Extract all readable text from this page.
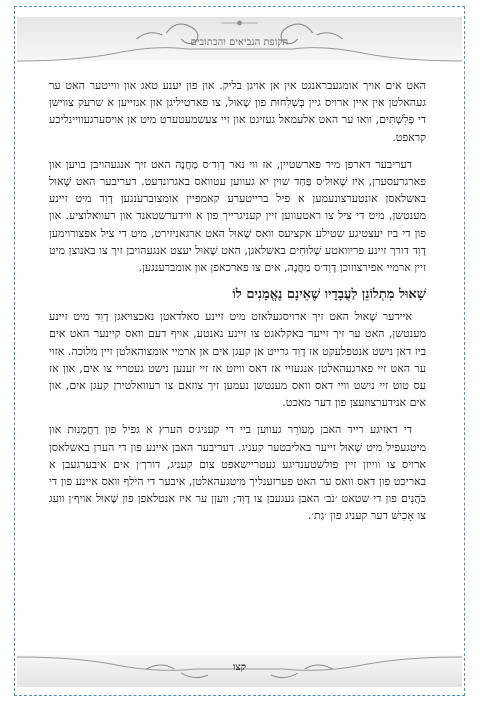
הקופת הנביאים והכתובים

האט אים אויך אומגעבראנגט אין אן אויגן בליק. און פון יענע טאג און ווייטער האט ער געהאלטן אין איין ארויס גיין בְּשְׁלִחוּת פון שָׁאוּל, צו פארטיליגן און אנזייען א שרעק צווישן די פְּלִשְׁתִּים, וואו ער האט אלעמאל געזיגט און זיי צעשמעטערט מיט אן אויסערגעוויינליכע קראפט.

דעריבער דארפן מיר פארשטיין, אז ווי נאר דָוִד׳ס מַחֲנֶה האט זיך אנגעהויבן בויען און פארגרעסערן, איז שָׁאוּל׳ס פַּחַד שוין יא געווען עטוואס באגרונדעט. דעריבער האט שָׁאוּל באשלאסן אונטערצונעמען א פיל ברייטערע קאמפיין אומצוברענגען דָוִד מיט זיינע מענטשן, מיט די ציל צו ראטעווען זיין קעניגרייך פון א ווידערשטאנד און רעוואלוציע. און פון די ביז יעצטיגע שטילע אקציעס וואס שָׁאוּל האט ארגאניזירט, מיט די ציל אפצורוימען דָוִד דורך זיינע פריוואטע שְׁלוּחִים באשלאגן, האט שָׁאוּל יעצט אנגעהויבן זיך צו באנוצן מיט זיין ארמיי אפירצוזוכן דָוִד׳ס מַחֲנֶה, אים צו פארכאפן און אומברענגען.

שָׁאוּל מִתְלוֹנֵן לַעֲבָדָיו שֶׁאֵינָם נֶאֱמָנִים לוֹ

איידער שָׁאוּל האט זיך ארויסגעלאזט מיט זיינע סאלדאטן נאכצויאגן דָוִד מיט זיינע מענטשן, האט ער זיך זייער באקלאגט צו זיינע נאנטע, אויף דעם וואס קיינער האט אים ביז דאן נישט אנטפלעקט אז דָוִד גרייט אן קעגן אים אן ארמיי אומצוהאלטן זיין מלוכה. אזוי ער האט זיי פארגעהאלטן אנגעזיי אז דאס וויזט אז זיי זענען נישט געטריי צו אים, און אז עס טוט זיי נישט וויי דאס וואס מענטשן נעמען זיך צוזאם צו רעוואלטירן קעגן אים, און אים אנידערצוזעצן פון דער מאכט.

די דאזיגע רייד האבן מְעוֹרֵר געווען ביי די קעניג׳ס הערץ א גפיל פון רַחֲמָנוּת און מיטגעפיל מיט שָׁאוּל זייער באליבטער קעניג. דעריבער האבן איינע פון די הערן באשלאסן ארויס צו ווייזן זיין פולשטענדיגע געטריישאפט צום קעניג, דורך׳ן אים איבערגעבן א באריכט פון דאס וואס ער האט פערזענליך מיטגעהאלטן, איבער די הילף וואס איינע פון די כֹּהֲנִים פון די שטאט ׳נֹב׳ האבן געגעבן צו דָוִד; וועןן ער איז אנטלאפן פון שָׁאוּל אויף׳ן וועג צו אָכִישׁ דער קעניג פון ׳גַת׳.

קצו
